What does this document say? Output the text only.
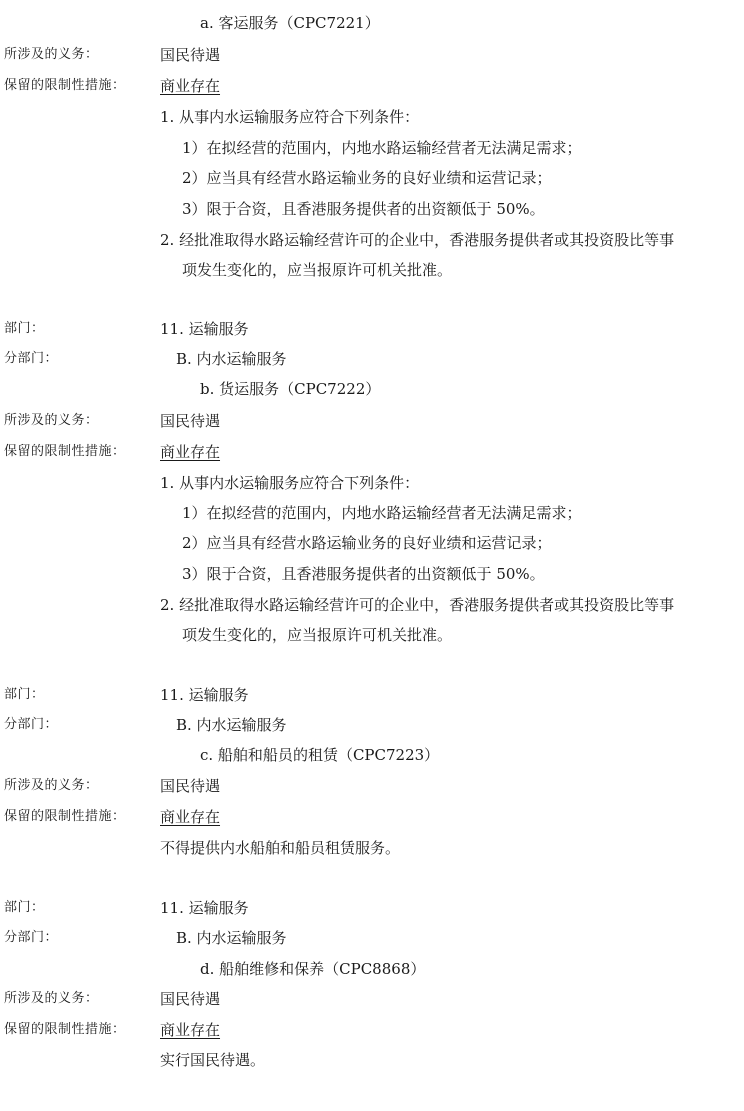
a. 客运服务（CPC7221）
所涉及的义务：	国民待遇
保留的限制性措施： 商业存在
1. 从事内水运输服务应符合下列条件：
1）在拟经营的范围内，内地水路运输经营者无法满足需求；
2）应当具有经营水路运输业务的良好业绩和运营记录；
3）限于合资，且香港服务提供者的出资额低于 50%。
2. 经批准取得水路运输经营许可的企业中，香港服务提供者或其投资股比等事
项发生变化的，应当报原许可机关批准。
部门：	11. 运输服务
分部门：	B. 内水运输服务
b. 货运服务（CPC7222）
所涉及的义务：	国民待遇
保留的限制性措施： 商业存在
1. 从事内水运输服务应符合下列条件：
1）在拟经营的范围内，内地水路运输经营者无法满足需求；
2）应当具有经营水路运输业务的良好业绩和运营记录；
3）限于合资，且香港服务提供者的出资额低于 50%。
2. 经批准取得水路运输经营许可的企业中，香港服务提供者或其投资股比等事
项发生变化的，应当报原许可机关批准。
部门：	11. 运输服务
分部门：	B. 内水运输服务
c. 船舶和船员的租赁（CPC7223）
所涉及的义务：	国民待遇
保留的限制性措施： 商业存在
不得提供内水船舶和船员租赁服务。
部门：	11. 运输服务
分部门：	B. 内水运输服务
d. 船舶维修和保养（CPC8868）
所涉及的义务：	国民待遇
保留的限制性措施： 商业存在
实行国民待遇。
